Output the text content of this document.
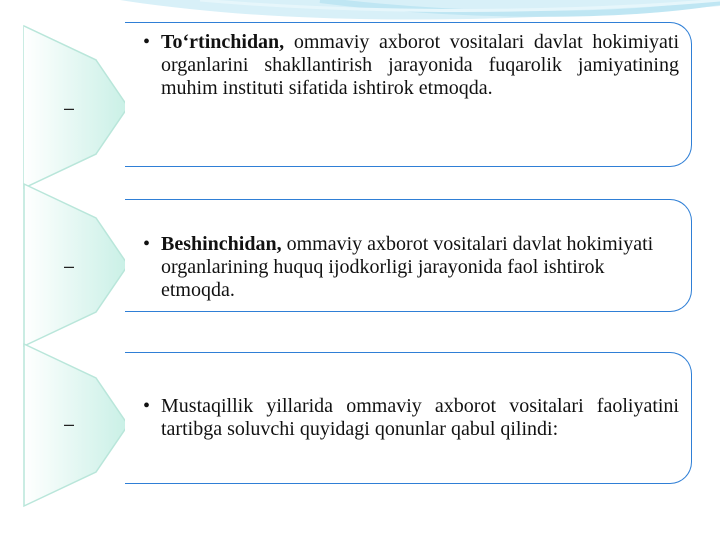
–
–
–
• To‘rtinchidan, ommaviy axborot vositalari davlat hokimiyati organlarini shakllantirish jarayonida fuqarolik jamiyatining muhim instituti sifatida ishtirok etmoqda.

• Beshinchidan, ommaviy axborot vositalari davlat hokimiyati organlarining huquq ijodkorligi jarayonida faol ishtirok etmoqda.

• Mustaqillik yillarida ommaviy axborot vositalari faoliyatini tartibga soluvchi quyidagi qonunlar qabul qilindi:
